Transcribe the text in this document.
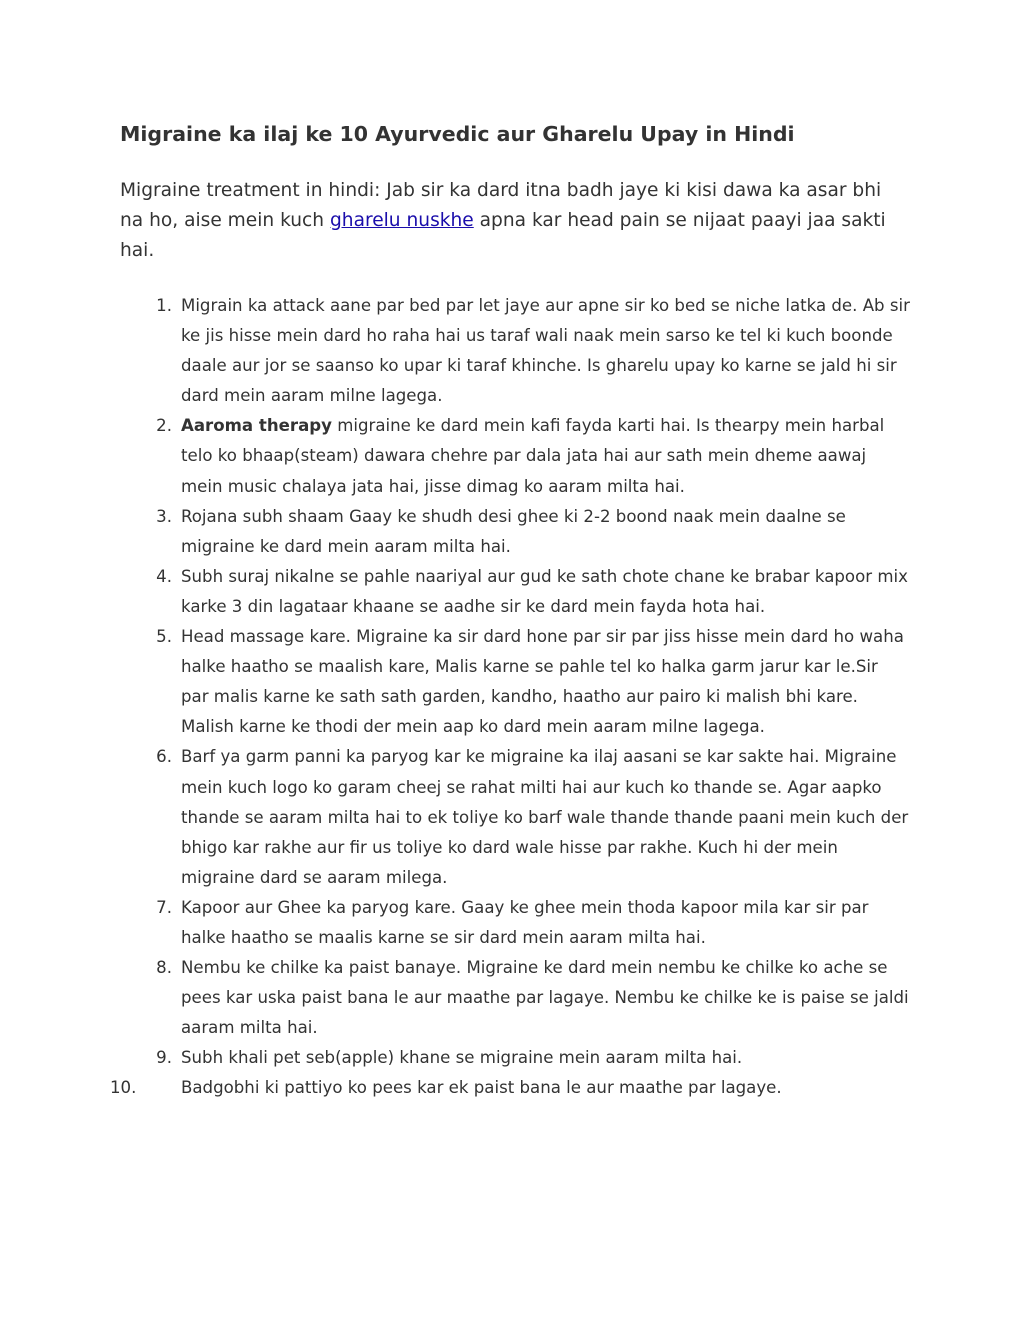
Migraine ka ilaj ke 10 Ayurvedic aur Gharelu Upay in Hindi

Migraine treatment in hindi: Jab sir ka dard itna badh jaye ki kisi dawa ka asar bhi na ho, aise mein kuch gharelu nuskhe apna kar head pain se nijaat paayi jaa sakti hai.

1. Migrain ka attack aane par bed par let jaye aur apne sir ko bed se niche latka de. Ab sir ke jis hisse mein dard ho raha hai us taraf wali naak mein sarso ke tel ki kuch boonde daale aur jor se saanso ko upar ki taraf khinche. Is gharelu upay ko karne se jald hi sir dard mein aaram milne lagega.
2. Aaroma therapy migraine ke dard mein kafi fayda karti hai. Is thearpy mein harbal telo ko bhaap(steam) dawara chehre par dala jata hai aur sath mein dheme aawaj mein music chalaya jata hai, jisse dimag ko aaram milta hai.
3. Rojana subh shaam Gaay ke shudh desi ghee ki 2-2 boond naak mein daalne se migraine ke dard mein aaram milta hai.
4. Subh suraj nikalne se pahle naariyal aur gud ke sath chote chane ke brabar kapoor mix karke 3 din lagataar khaane se aadhe sir ke dard mein fayda hota hai.
5. Head massage kare. Migraine ka sir dard hone par sir par jiss hisse mein dard ho waha halke haatho se maalish kare, Malis karne se pahle tel ko halka garm jarur kar le.Sir par malis karne ke sath sath garden, kandho, haatho aur pairo ki malish bhi kare. Malish karne ke thodi der mein aap ko dard mein aaram milne lagega.
6. Barf ya garm panni ka paryog kar ke migraine ka ilaj aasani se kar sakte hai. Migraine mein kuch logo ko garam cheej se rahat milti hai aur kuch ko thande se. Agar aapko thande se aaram milta hai to ek toliye ko barf wale thande thande paani mein kuch der bhigo kar rakhe aur fir us toliye ko dard wale hisse par rakhe. Kuch hi der mein migraine dard se aaram milega.
7. Kapoor aur Ghee ka paryog kare. Gaay ke ghee mein thoda kapoor mila kar sir par halke haatho se maalis karne se sir dard mein aaram milta hai.
8. Nembu ke chilke ka paist banaye. Migraine ke dard mein nembu ke chilke ko ache se pees kar uska paist bana le aur maathe par lagaye. Nembu ke chilke ke is paise se jaldi aaram milta hai.
9. Subh khali pet seb(apple) khane se migraine mein aaram milta hai.
10.	Badgobhi ki pattiyo ko pees kar ek paist bana le aur maathe par lagaye.
